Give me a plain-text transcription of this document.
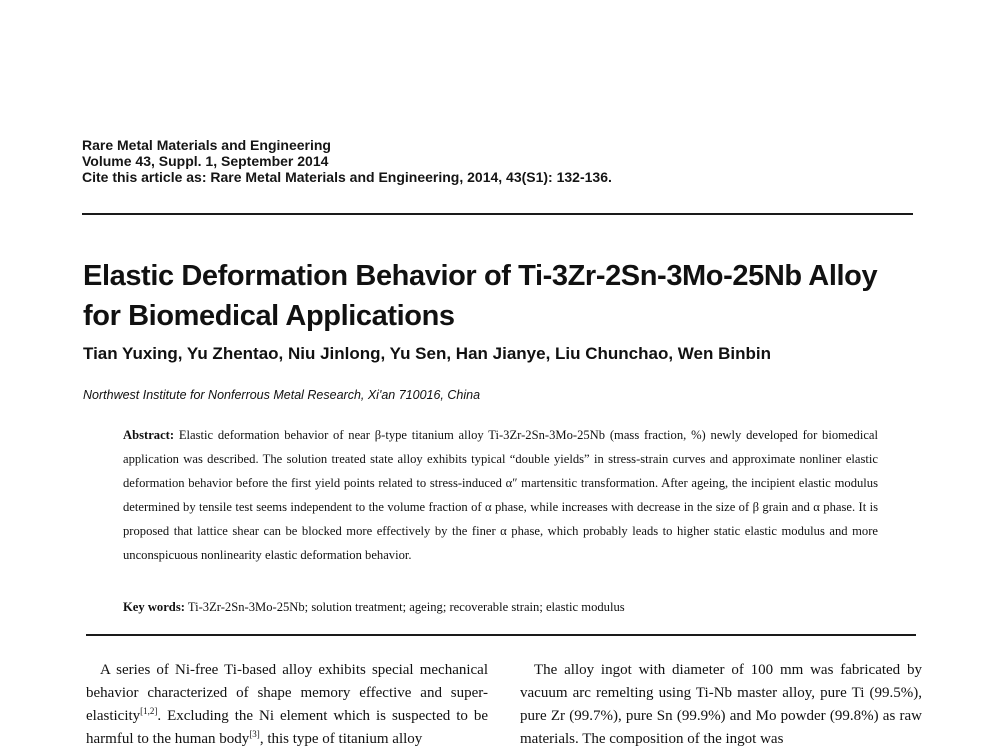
Rare Metal Materials and Engineering
Volume 43, Suppl. 1, September 2014
Cite this article as: Rare Metal Materials and Engineering, 2014, 43(S1): 132-136.
Elastic Deformation Behavior of Ti-3Zr-2Sn-3Mo-25Nb Alloy
for Biomedical Applications
Tian Yuxing, Yu Zhentao, Niu Jinlong, Yu Sen, Han Jianye, Liu Chunchao, Wen Binbin
Northwest Institute for Nonferrous Metal Research, Xi'an 710016, China
Abstract: Elastic deformation behavior of near β-type titanium alloy Ti-3Zr-2Sn-3Mo-25Nb (mass fraction, %) newly developed for biomedical application was described. The solution treated state alloy exhibits typical “double yields” in stress-strain curves and approximate nonliner elastic deformation behavior before the first yield points related to stress-induced α″ martensitic transformation. After ageing, the incipient elastic modulus determined by tensile test seems independent to the volume fraction of α phase, while increases with decrease in the size of β grain and α phase. It is proposed that lattice shear can be blocked more effectively by the finer α phase, which probably leads to higher static elastic modulus and more unconspicuous nonlinearity elastic deformation behavior.
Key words: Ti-3Zr-2Sn-3Mo-25Nb; solution treatment; ageing; recoverable strain; elastic modulus
A series of Ni-free Ti-based alloy exhibits special mechanical behavior characterized of shape memory effective and super-elasticity[1,2]. Excluding the Ni element which is suspected to be harmful to the human body[3], this type of titanium alloy
The alloy ingot with diameter of 100 mm was fabricated by vacuum arc remelting using Ti-Nb master alloy, pure Ti (99.5%), pure Zr (99.7%), pure Sn (99.9%) and Mo powder (99.8%) as raw materials. The composition of the ingot was
